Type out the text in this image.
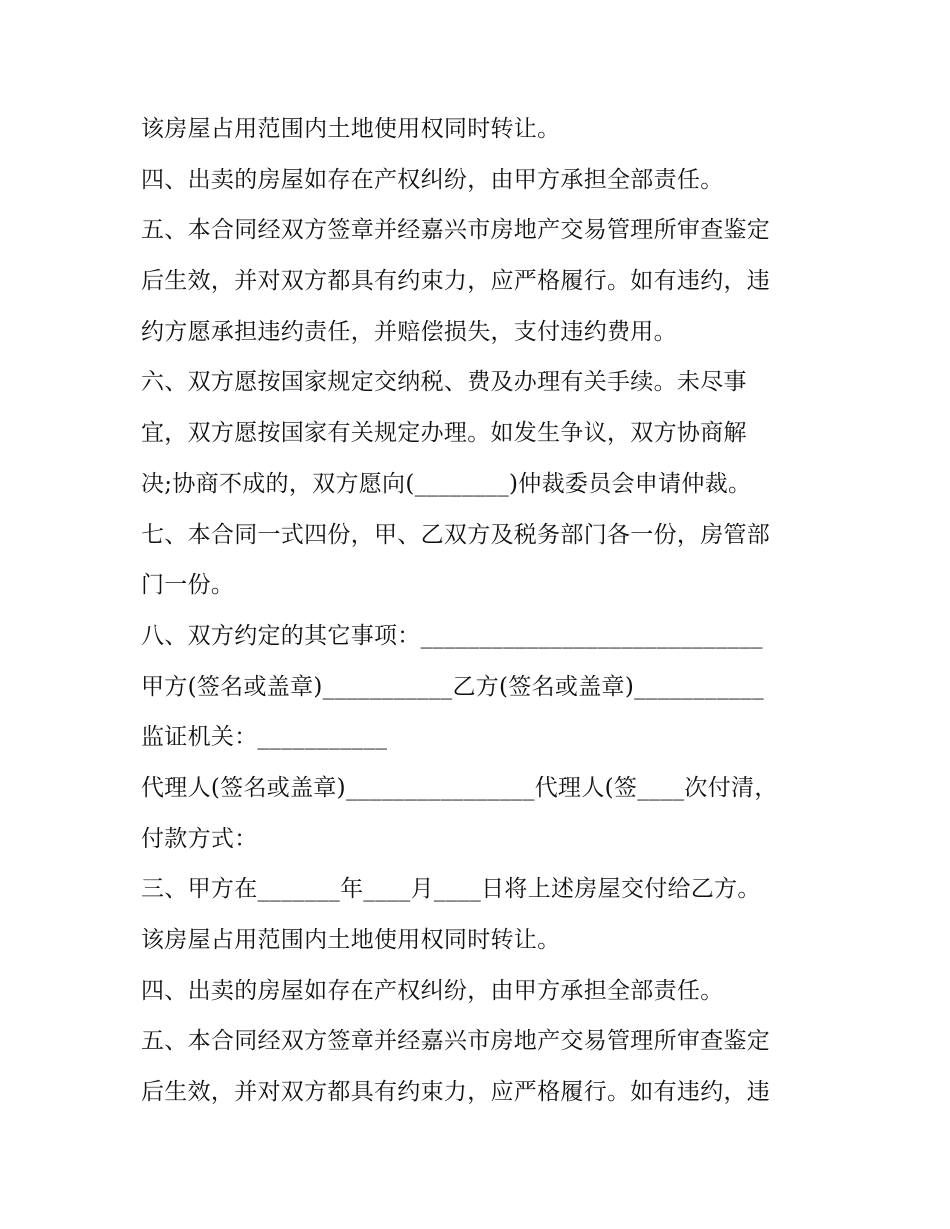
该房屋占用范围内土地使用权同时转让。

四、出卖的房屋如存在产权纠纷，由甲方承担全部责任。

五、本合同经双方签章并经嘉兴市房地产交易管理所审查鉴定

后生效，并对双方都具有约束力，应严格履行。如有违约，违

约方愿承担违约责任，并赔偿损失，支付违约费用。

六、双方愿按国家规定交纳税、费及办理有关手续。未尽事

宜，双方愿按国家有关规定办理。如发生争议，双方协商解

决;协商不成的，双方愿向(________)仲裁委员会申请仲裁。

七、本合同一式四份，甲、乙双方及税务部门各一份，房管部

门一份。

八、双方约定的其它事项：_____________________________

甲方(签名或盖章)___________乙方(签名或盖章)___________

监证机关：___________

代理人(签名或盖章)________________代理人(签____次付清，

付款方式：

三、甲方在_______年____月____日将上述房屋交付给乙方。

该房屋占用范围内土地使用权同时转让。

四、出卖的房屋如存在产权纠纷，由甲方承担全部责任。

五、本合同经双方签章并经嘉兴市房地产交易管理所审查鉴定

后生效，并对双方都具有约束力，应严格履行。如有违约，违
